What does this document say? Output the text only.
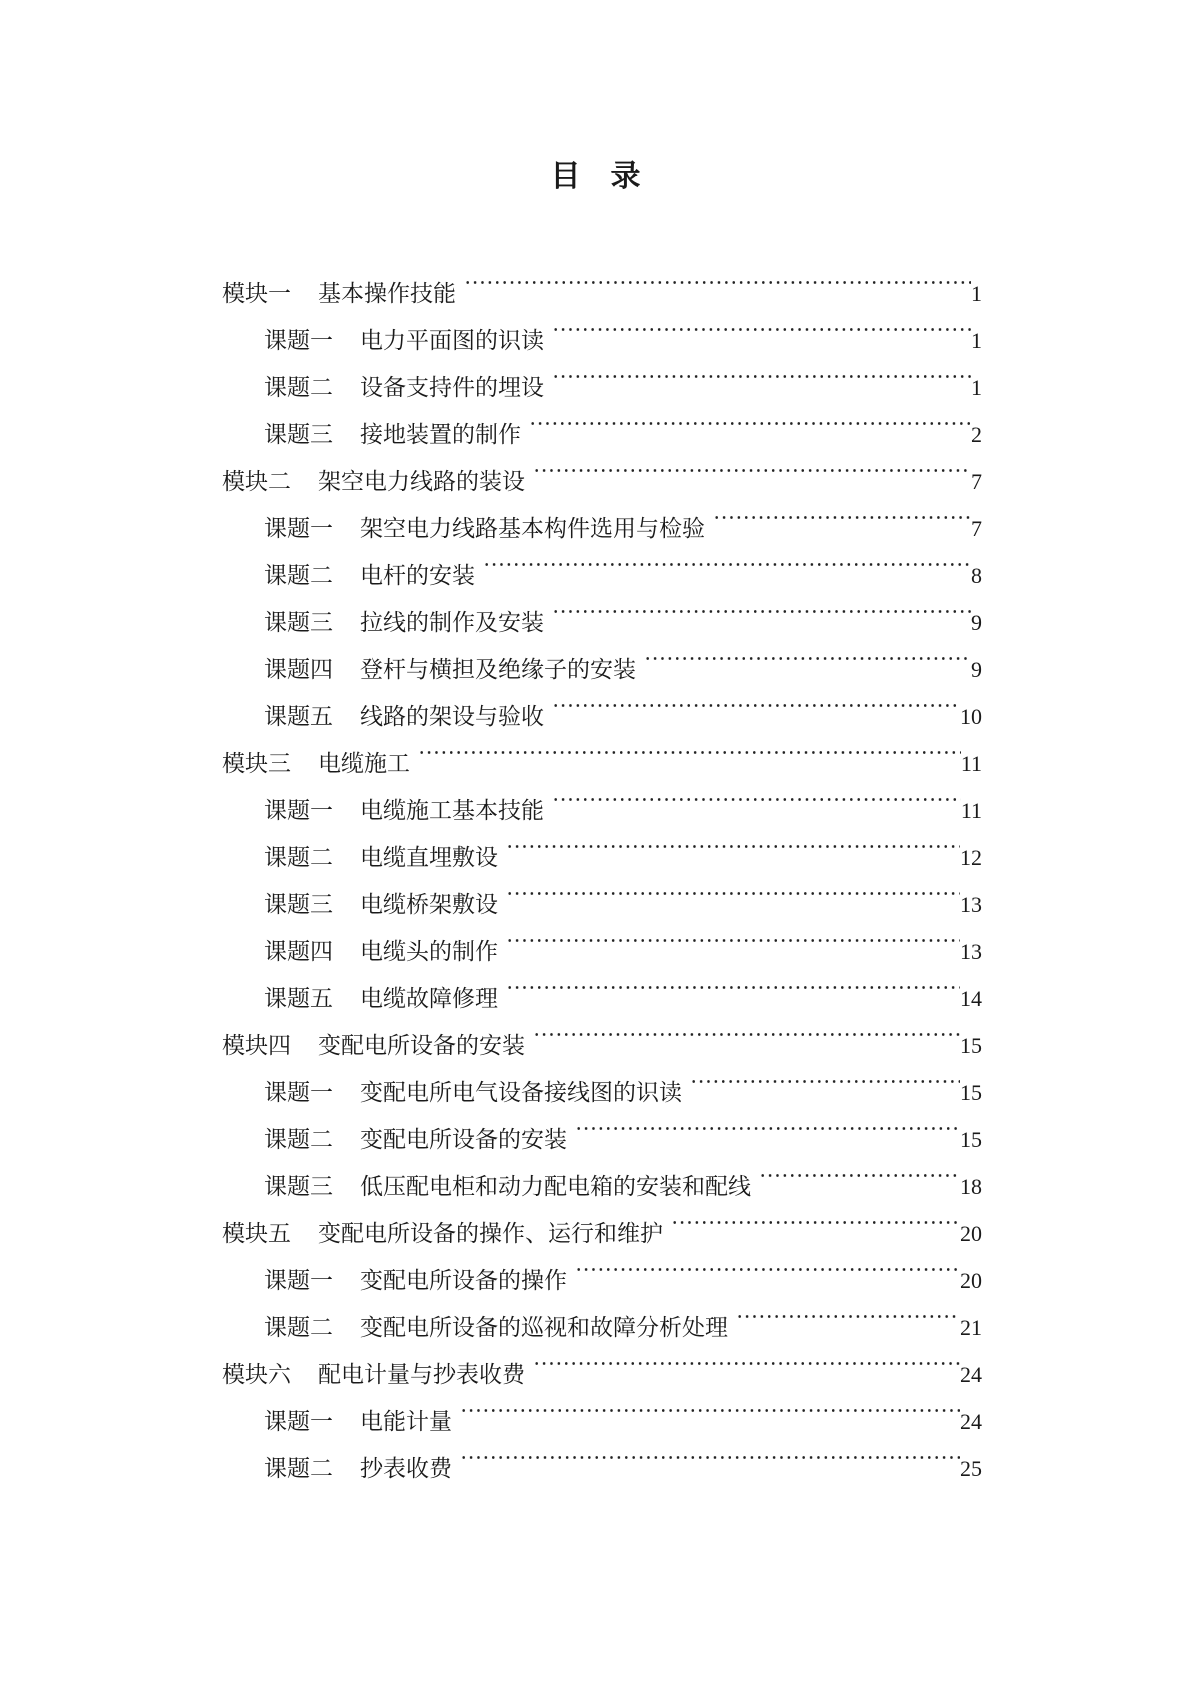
目　录
模块一	基本操作技能	1
课题一	电力平面图的识读	1
课题二	设备支持件的埋设	1
课题三	接地装置的制作	2
模块二	架空电力线路的装设	7
课题一	架空电力线路基本构件选用与检验	7
课题二	电杆的安装	8
课题三	拉线的制作及安装	9
课题四	登杆与横担及绝缘子的安装	9
课题五	线路的架设与验收	10
模块三	电缆施工	11
课题一	电缆施工基本技能	11
课题二	电缆直埋敷设	12
课题三	电缆桥架敷设	13
课题四	电缆头的制作	13
课题五	电缆故障修理	14
模块四	变配电所设备的安装	15
课题一	变配电所电气设备接线图的识读	15
课题二	变配电所设备的安装	15
课题三	低压配电柜和动力配电箱的安装和配线	18
模块五	变配电所设备的操作、运行和维护	20
课题一	变配电所设备的操作	20
课题二	变配电所设备的巡视和故障分析处理	21
模块六	配电计量与抄表收费	24
课题一	电能计量	24
课题二	抄表收费	25
